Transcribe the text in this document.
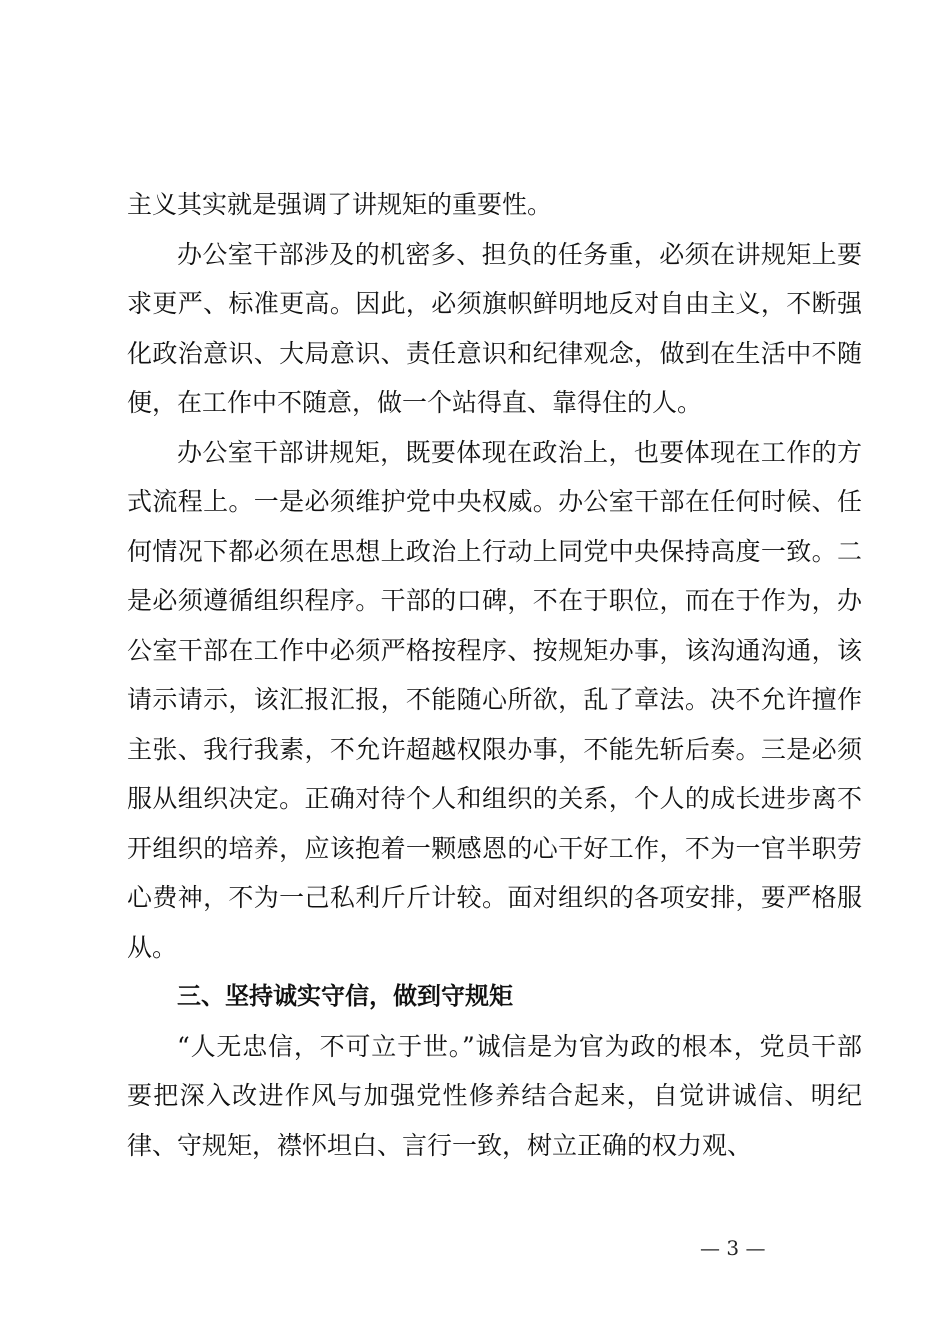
主义其实就是强调了讲规矩的重要性。

办公室干部涉及的机密多、担负的任务重，必须在讲规矩上要求更严、标准更高。因此，必须旗帜鲜明地反对自由主义，不断强化政治意识、大局意识、责任意识和纪律观念，做到在生活中不随便，在工作中不随意，做一个站得直、靠得住的人。

办公室干部讲规矩，既要体现在政治上，也要体现在工作的方式流程上。一是必须维护党中央权威。办公室干部在任何时候、任何情况下都必须在思想上政治上行动上同党中央保持高度一致。二是必须遵循组织程序。干部的口碑，不在于职位，而在于作为，办公室干部在工作中必须严格按程序、按规矩办事，该沟通沟通，该请示请示，该汇报汇报，不能随心所欲，乱了章法。决不允许擅作主张、我行我素，不允许超越权限办事，不能先斩后奏。三是必须服从组织决定。正确对待个人和组织的关系，个人的成长进步离不开组织的培养，应该抱着一颗感恩的心干好工作，不为一官半职劳心费神，不为一己私利斤斤计较。面对组织的各项安排，要严格服从。

三、坚持诚实守信，做到守规矩

“人无忠信，不可立于世。”诚信是为官为政的根本，党员干部要把深入改进作风与加强党性修养结合起来，自觉讲诚信、明纪律、守规矩，襟怀坦白、言行一致，树立正确的权力观、

— 3 —
